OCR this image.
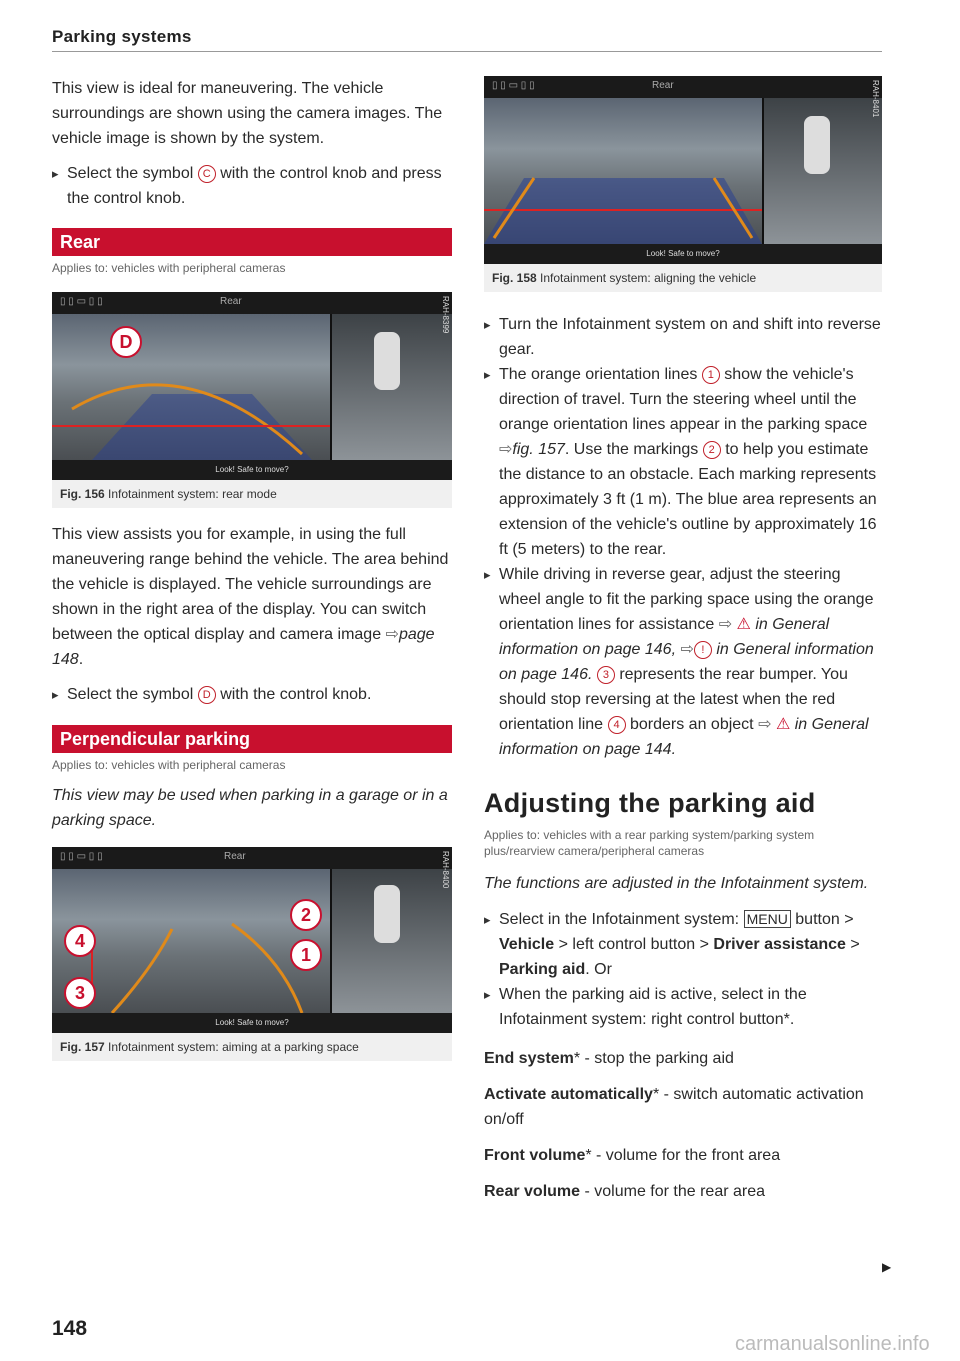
Parking systems

This view is ideal for maneuvering. The vehicle surroundings are shown using the camera images. The vehicle image is shown by the system.

▸ Select the symbol C with the control knob and press the control knob.

Rear

Applies to: vehicles with peripheral cameras

▯ ▯ ▭ ▯ ▯	Rear
D
RAH-8399
Look! Safe to move?
Fig. 156 Infotainment system: rear mode

This view assists you for example, in using the full maneuvering range behind the vehicle. The area behind the vehicle is displayed. The vehicle surroundings are shown in the right area of the display. You can switch between the optical display and camera image ⇨page 148.

▸ Select the symbol D with the control knob.

Perpendicular parking

Applies to: vehicles with peripheral cameras

This view may be used when parking in a garage or in a parking space.

▯ ▯ ▭ ▯ ▯	Rear
4
3
2
1
RAH-8400
Look! Safe to move?
Fig. 157 Infotainment system: aiming at a parking space
▯ ▯ ▭ ▯ ▯	Rear	RAH-8401
Look! Safe to move?
Fig. 158 Infotainment system: aligning the vehicle

▸ Turn the Infotainment system on and shift into reverse gear.

▸ The orange orientation lines 1 show the vehicle's direction of travel. Turn the steering wheel until the orange orientation lines appear in the parking space ⇨fig. 157. Use the markings 2 to help you estimate the distance to an obstacle. Each marking represents approximately 3 ft (1 m). The blue area represents an extension of the vehicle's outline by approximately 16 ft (5 meters) to the rear.

▸ While driving in reverse gear, adjust the steering wheel angle to fit the parking space using the orange orientation lines for assistance ⇨ ⚠ in General information on page 146, ⇨ ! in General information on page 146. 3 represents the rear bumper. You should stop reversing at the latest when the red orientation line 4 borders an object ⇨ ⚠ in General information on page 144.

Adjusting the parking aid

Applies to: vehicles with a rear parking system/parking system plus/rearview camera/peripheral cameras

The functions are adjusted in the Infotainment system.

▸ Select in the Infotainment system: MENU button > Vehicle > left control button > Driver assistance > Parking aid. Or

▸ When the parking aid is active, select in the Infotainment system: right control button*.

End system* - stop the parking aid

Activate automatically* - switch automatic activation on/off

Front volume* - volume for the front area

Rear volume - volume for the rear area

▶
148
carmanualsonline.info
